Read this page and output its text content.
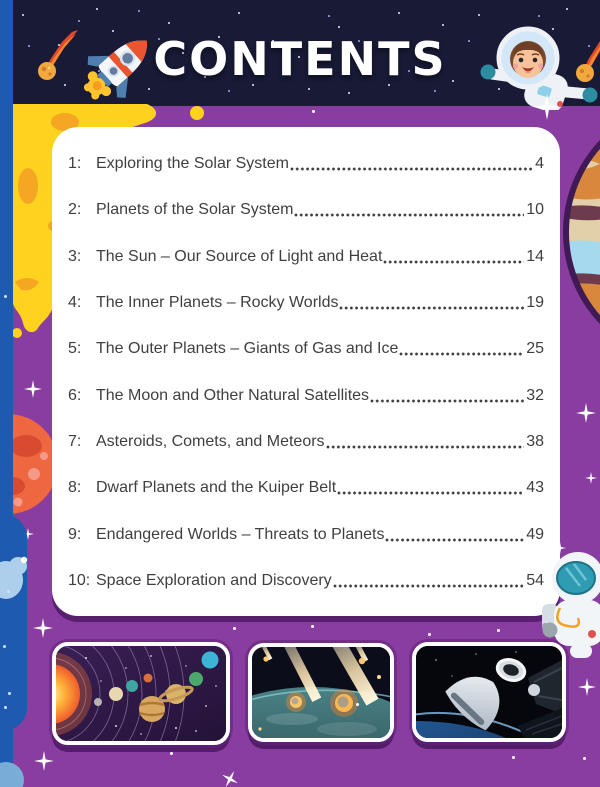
CONTENTS
1: Exploring the Solar System	4
2: Planets of the Solar System	10
3: The Sun – Our Source of Light and Heat	14
4: The Inner Planets – Rocky Worlds	19
5: The Outer Planets – Giants of Gas and Ice	25
6: The Moon and Other Natural Satellites	32
7: Asteroids, Comets, and Meteors	38
8: Dwarf Planets and the Kuiper Belt	43
9: Endangered Worlds – Threats to Planets	49
10: Space Exploration and Discovery	54
